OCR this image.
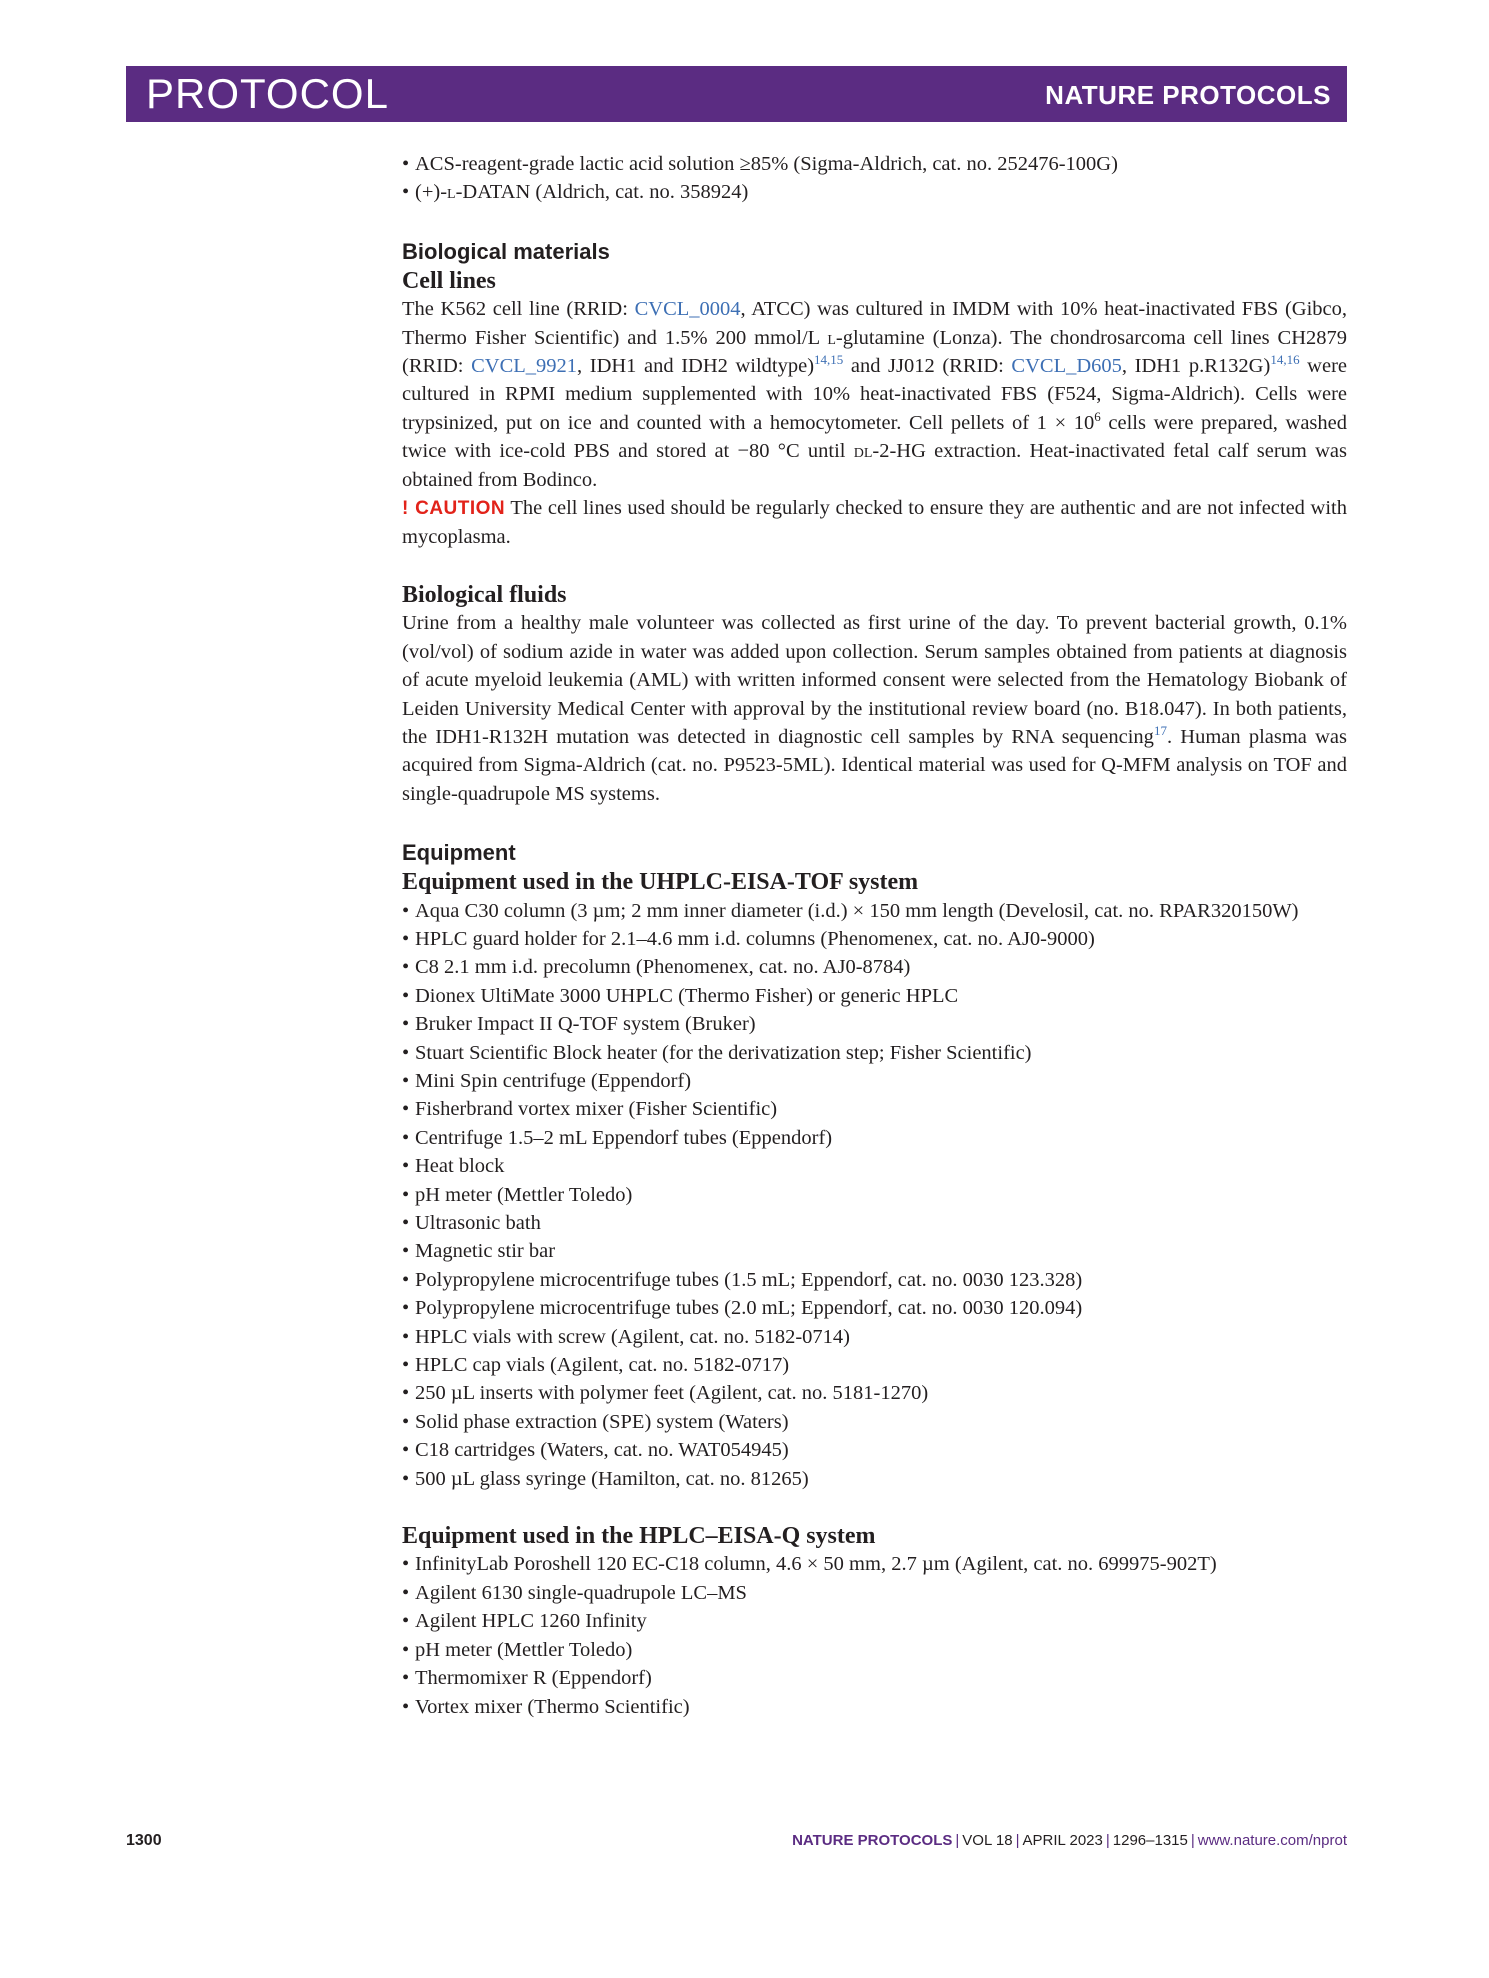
PROTOCOL	NATURE PROTOCOLS
• ACS-reagent-grade lactic acid solution ≥85% (Sigma-Aldrich, cat. no. 252476-100G)
• (+)-l-DATAN (Aldrich, cat. no. 358924)
Biological materials
Cell lines

The K562 cell line (RRID: CVCL_0004, ATCC) was cultured in IMDM with 10% heat-inactivated FBS (Gibco, Thermo Fisher Scientific) and 1.5% 200 mmol/L l-glutamine (Lonza). The chondrosarcoma cell lines CH2879 (RRID: CVCL_9921, IDH1 and IDH2 wildtype)$^{14,15}$ and JJ012 (RRID: CVCL_D605, IDH1 p.R132G)$^{14,16}$ were cultured in RPMI medium supplemented with 10% heat-inactivated FBS (F524, Sigma-Aldrich). Cells were trypsinized, put on ice and counted with a hemocytometer. Cell pellets of $1 \times 10^6$ cells were prepared, washed twice with ice-cold PBS and stored at −80 °C until dl-2-HG extraction. Heat-inactivated fetal calf serum was obtained from Bodinco.
! CAUTION The cell lines used should be regularly checked to ensure they are authentic and are not infected with mycoplasma.

Biological fluids

Urine from a healthy male volunteer was collected as first urine of the day. To prevent bacterial growth, 0.1% (vol/vol) of sodium azide in water was added upon collection. Serum samples obtained from patients at diagnosis of acute myeloid leukemia (AML) with written informed consent were selected from the Hematology Biobank of Leiden University Medical Center with approval by the institutional review board (no. B18.047). In both patients, the IDH1-R132H mutation was detected in diagnostic cell samples by RNA sequencing$^{17}$. Human plasma was acquired from Sigma-Aldrich (cat. no. P9523-5ML). Identical material was used for Q-MFM analysis on TOF and single-quadrupole MS systems.

Equipment
Equipment used in the UHPLC-EISA-TOF system
• Aqua C30 column (3 µm; 2 mm inner diameter (i.d.) × 150 mm length (Develosil, cat. no. RPAR320150W)
• HPLC guard holder for 2.1–4.6 mm i.d. columns (Phenomenex, cat. no. AJ0-9000)
• C8 2.1 mm i.d. precolumn (Phenomenex, cat. no. AJ0-8784)
• Dionex UltiMate 3000 UHPLC (Thermo Fisher) or generic HPLC
• Bruker Impact II Q-TOF system (Bruker)
• Stuart Scientific Block heater (for the derivatization step; Fisher Scientific)
• Mini Spin centrifuge (Eppendorf)
• Fisherbrand vortex mixer (Fisher Scientific)
• Centrifuge 1.5–2 mL Eppendorf tubes (Eppendorf)
• Heat block
• pH meter (Mettler Toledo)
• Ultrasonic bath
• Magnetic stir bar
• Polypropylene microcentrifuge tubes (1.5 mL; Eppendorf, cat. no. 0030 123.328)
• Polypropylene microcentrifuge tubes (2.0 mL; Eppendorf, cat. no. 0030 120.094)
• HPLC vials with screw (Agilent, cat. no. 5182-0714)
• HPLC cap vials (Agilent, cat. no. 5182-0717)
• 250 µL inserts with polymer feet (Agilent, cat. no. 5181-1270)
• Solid phase extraction (SPE) system (Waters)
• C18 cartridges (Waters, cat. no. WAT054945)
• 500 µL glass syringe (Hamilton, cat. no. 81265)
Equipment used in the HPLC–EISA-Q system
• InfinityLab Poroshell 120 EC-C18 column, 4.6 × 50 mm, 2.7 µm (Agilent, cat. no. 699975-902T)
• Agilent 6130 single-quadrupole LC–MS
• Agilent HPLC 1260 Infinity
• pH meter (Mettler Toledo)
• Thermomixer R (Eppendorf)
• Vortex mixer (Thermo Scientific)
1300	NATURE PROTOCOLS | VOL 18 | APRIL 2023 | 1296–1315 | www.nature.com/nprot
